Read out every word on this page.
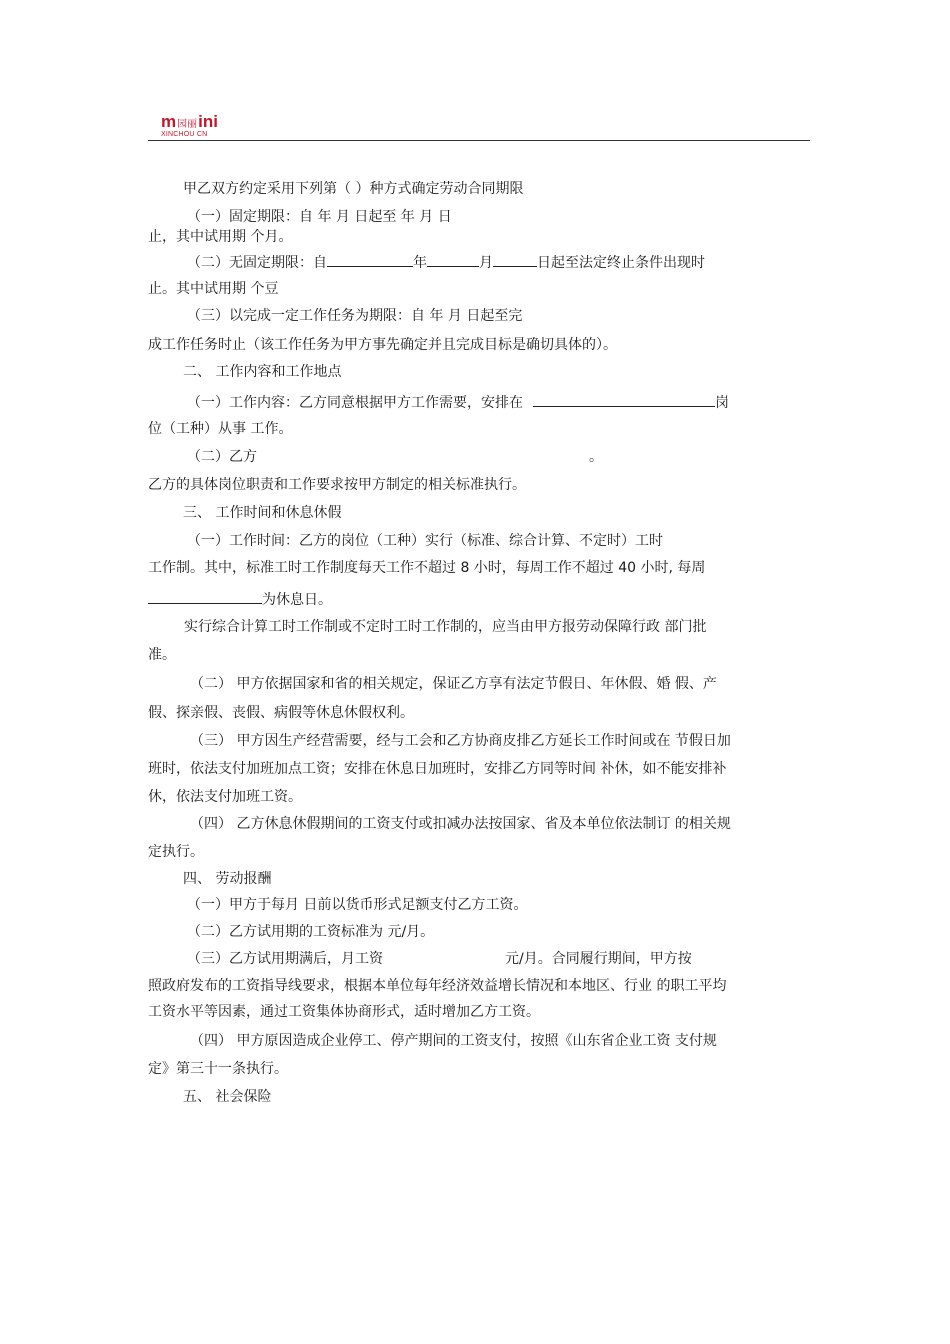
m园丽ini
XINCHOU CN
甲乙双方约定采用下列第（ ）种方式确定劳动合同期限
（一）固定期限：自 年 月 日起至 年 月 日
止，其中试用期 个月。
（二）无固定期限：自	年	月	日起至法定终止条件出现时
止。其中试用期 个豆
（三）以完成一定工作任务为期限：自 年 月 日起至完
成工作任务时止（该工作任务为甲方事先确定并且完成目标是确切具体的）。
二、 工作内容和工作地点
（一）工作内容：乙方同意根据甲方工作需要，安排在	岗
位（工种）从事 工作。
（二）乙方	。
乙方的具体岗位职责和工作要求按甲方制定的相关标准执行。
三、 工作时间和休息休假
（一）工作时间：乙方的岗位（工种）实行（标准、综合计算、不定时）工时
工作制。其中，标准工时工作制度每天工作不超过 8 小时，每周工作不超过 40 小时, 每周
为休息日。
实行综合计算工时工作制或不定时工时工作制的，应当由甲方报劳动保障行政 部门批
准。
（二） 甲方依据国家和省的相关规定，保证乙方享有法定节假日、年休假、婚 假、产
假、探亲假、丧假、病假等休息休假权利。
（三） 甲方因生产经营需要，经与工会和乙方协商皮排乙方延长工作时间或在 节假日加
班时，依法支付加班加点工资；安排在休息日加班时，安排乙方同等时间 补休，如不能安排补
休，依法支付加班工资。
（四） 乙方休息休假期间的工资支付或扣减办法按国家、省及本单位依法制订 的相关规
定执行。
四、 劳动报酬
（一）甲方于每月 日前以货币形式足额支付乙方工资。
（二）乙方试用期的工资标准为 元/月。
（三）乙方试用期满后，月工资	元/月。合同履行期间，甲方按
照政府发布的工资指导线要求，根据本单位每年经济效益增长情况和本地区、行业 的职工平均
工资水平等因素，通过工资集体协商形式，适时增加乙方工资。
（四） 甲方原因造成企业停工、停产期间的工资支付，按照《山东省企业工资 支付规
定》第三十一条执行。
五、 社会保险
